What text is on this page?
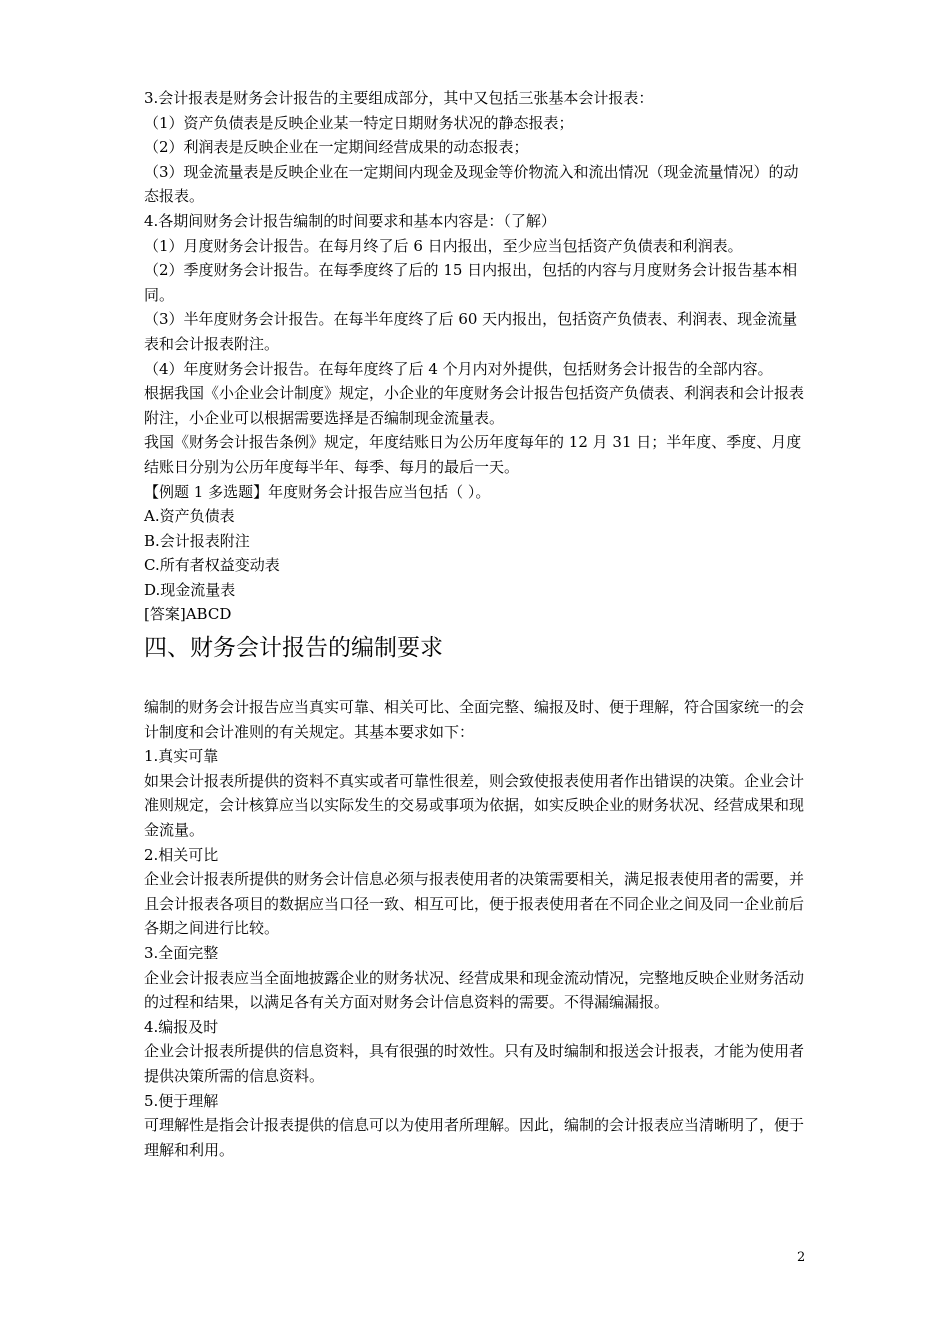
3.会计报表是财务会计报告的主要组成部分，其中又包括三张基本会计报表：

（1）资产负债表是反映企业某一特定日期财务状况的静态报表；

（2）利润表是反映企业在一定期间经营成果的动态报表；

（3）现金流量表是反映企业在一定期间内现金及现金等价物流入和流出情况（现金流量情况）的动态报表。

4.各期间财务会计报告编制的时间要求和基本内容是：（了解）

（1）月度财务会计报告。在每月终了后 6 日内报出，至少应当包括资产负债表和利润表。

（2）季度财务会计报告。在每季度终了后的 15 日内报出，包括的内容与月度财务会计报告基本相同。

（3）半年度财务会计报告。在每半年度终了后 60 天内报出，包括资产负债表、利润表、现金流量表和会计报表附注。

（4）年度财务会计报告。在每年度终了后 4 个月内对外提供，包括财务会计报告的全部内容。

根据我国《小企业会计制度》规定，小企业的年度财务会计报告包括资产负债表、利润表和会计报表附注，小企业可以根据需要选择是否编制现金流量表。

我国《财务会计报告条例》规定，年度结账日为公历年度每年的 12 月 31 日；半年度、季度、月度结账日分别为公历年度每半年、每季、每月的最后一天。

【例题 1 多选题】年度财务会计报告应当包括（ ）。

A.资产负债表

B.会计报表附注

C.所有者权益变动表

D.现金流量表

[答案]ABCD

四、财务会计报告的编制要求

编制的财务会计报告应当真实可靠、相关可比、全面完整、编报及时、便于理解，符合国家统一的会计制度和会计准则的有关规定。其基本要求如下：

1.真实可靠

如果会计报表所提供的资料不真实或者可靠性很差，则会致使报表使用者作出错误的决策。企业会计准则规定，会计核算应当以实际发生的交易或事项为依据，如实反映企业的财务状况、经营成果和现金流量。

2.相关可比

企业会计报表所提供的财务会计信息必须与报表使用者的决策需要相关，满足报表使用者的需要，并且会计报表各项目的数据应当口径一致、相互可比，便于报表使用者在不同企业之间及同一企业前后各期之间进行比较。

3.全面完整

企业会计报表应当全面地披露企业的财务状况、经营成果和现金流动情况，完整地反映企业财务活动的过程和结果，以满足各有关方面对财务会计信息资料的需要。不得漏编漏报。

4.编报及时

企业会计报表所提供的信息资料，具有很强的时效性。只有及时编制和报送会计报表，才能为使用者提供决策所需的信息资料。

5.便于理解

可理解性是指会计报表提供的信息可以为使用者所理解。因此，编制的会计报表应当清晰明了，便于理解和利用。

2
